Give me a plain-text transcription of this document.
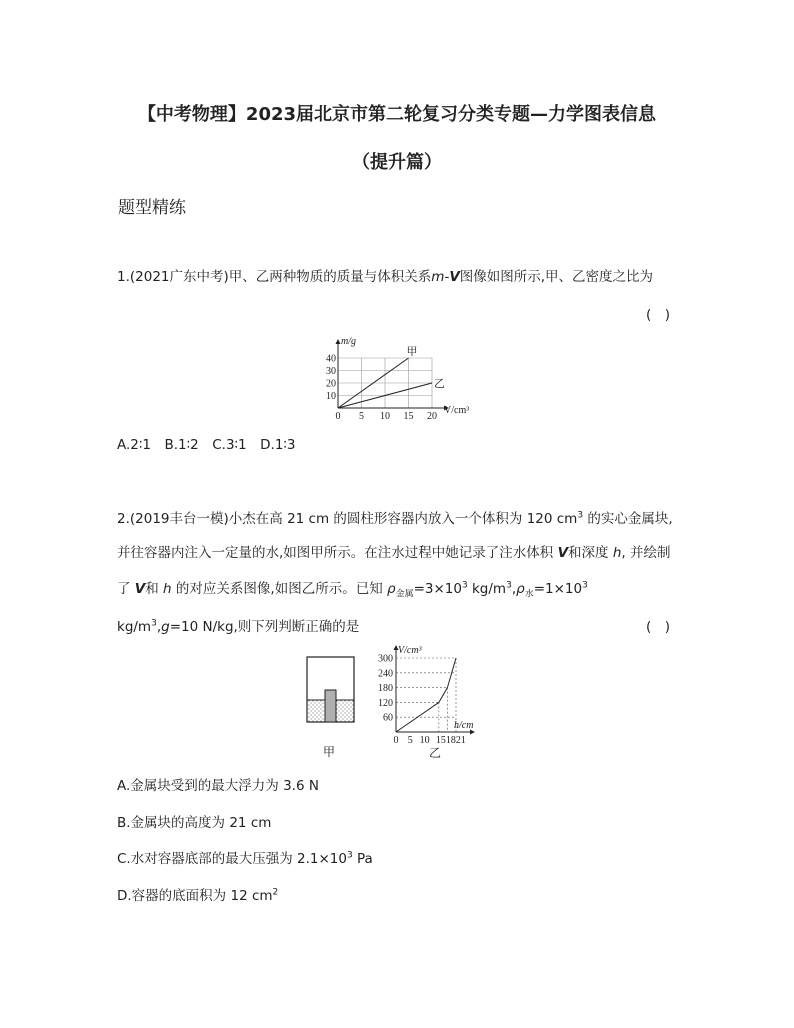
【中考物理】2023届北京市第二轮复习分类专题—力学图表信息
（提升篇）
题型精练
1.(2021广东中考)甲、乙两种物质的质量与体积关系m-V图像如图所示,甲、乙密度之比为
(　)
0 5 10 15 20
10
20
30
40
m/g
V/cm³
甲
乙
A.2∶1　B.1∶2　C.3∶1　D.1∶3
2.(2019丰台一模)小杰在高 21 cm 的圆柱形容器内放入一个体积为 120 $cm^3$ 的实心金属块,
并往容器内注入一定量的水,如图甲所示。在注水过程中她记录了注水体积 V和深度 h, 并绘制
了 V和 h 的对应关系图像,如图乙所示。已知 $\rho_{金属}=3\times 10^3$ $kg/m^3,\rho_水=1\times 10^3$
$kg/m^3,g=10$ N/kg,则下列判断正确的是	(　)
甲
60
120
180
240
300
0 5 10 151821
V/cm³
h/cm
乙
A.金属块受到的最大浮力为 3.6 N
B.金属块的高度为 21 cm
C.水对容器底部的最大压强为 $2.1\times 10^3$ Pa
D.容器的底面积为 12 $cm^2$
